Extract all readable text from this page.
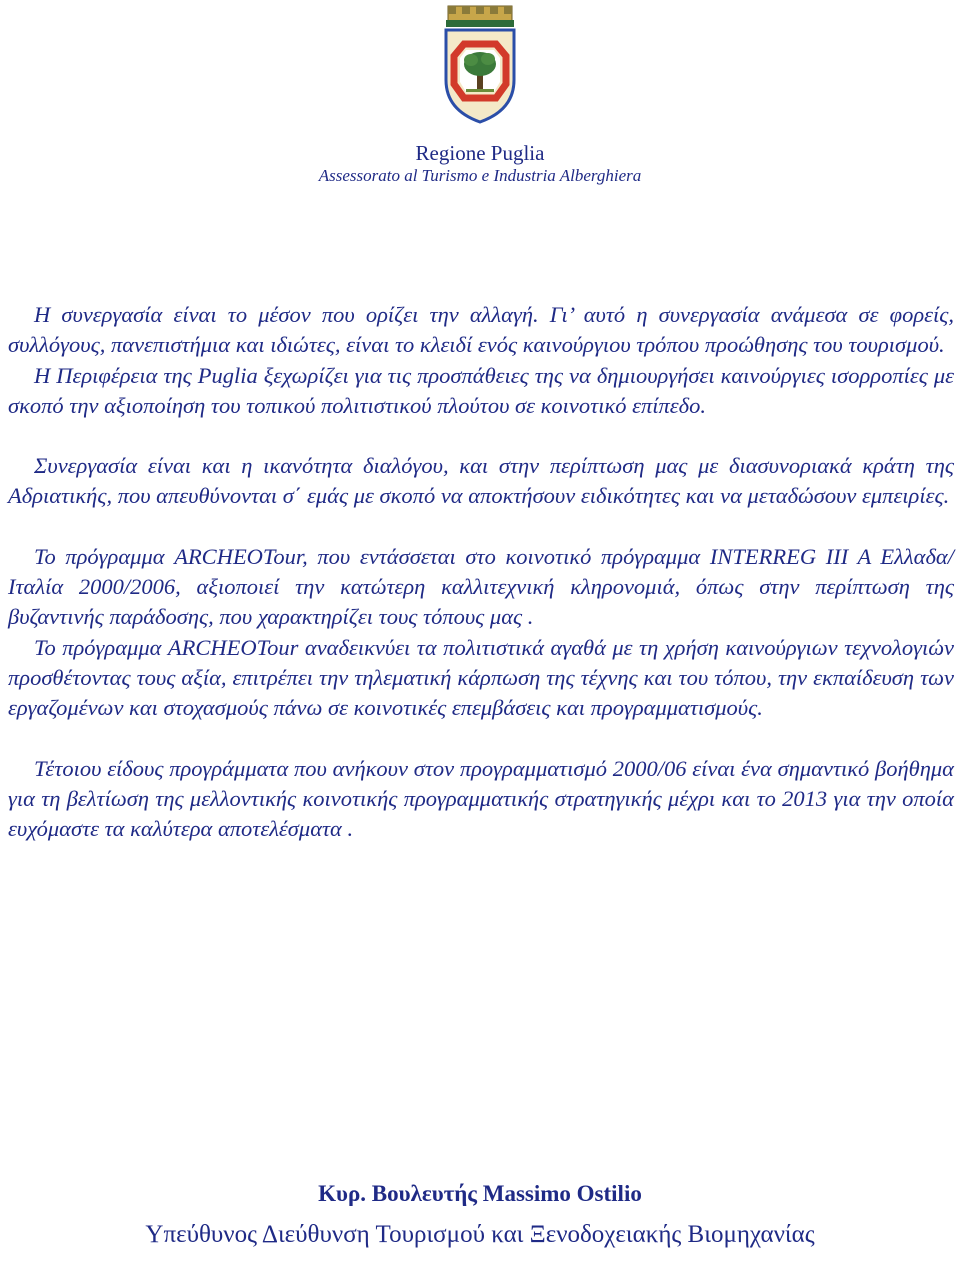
Regione Puglia
Assessorato al Turismo e Industria Alberghiera

Η συνεργασία είναι το μέσον που ορίζει την αλλαγή. Γι’ αυτό η συνεργασία ανάμεσα σε φορείς, συλλόγους, πανεπιστήμια και ιδιώτες, είναι το κλειδί ενός καινούργιου τρόπου προώθησης του τουρισμού.

Η Περιφέρεια της Puglia ξεχωρίζει για τις προσπάθειες της να δημιουργήσει καινούργιες ισορροπίες με σκοπό την αξιοποίηση του τοπικού πολιτιστικού πλούτου σε κοινοτικό επίπεδο.

Συνεργασία είναι και η ικανότητα διαλόγου, και στην περίπτωση μας με διασυνοριακά κράτη της Αδριατικής, που απευθύνονται σ΄ εμάς με σκοπό να αποκτήσουν ειδικότητες και να μεταδώσουν εμπειρίες.

Το πρόγραμμα ARCHEOTour, που εντάσσεται στο κοινοτικό πρόγραμμα INTERREG III A Ελλαδα/Ιταλία 2000/2006, αξιοποιεί την κατώτερη καλλιτεχνική κληρονομιά, όπως στην περίπτωση της βυζαντινής παράδοσης, που χαρακτηρίζει τους τόπους μας .

Το πρόγραμμα ARCHEOTour αναδεικνύει τα πολιτιστικά αγαθά με τη χρήση καινούργιων τεχνολογιών προσθέτοντας τους αξία, επιτρέπει την τηλεματική κάρπωση της τέχνης και του τόπου, την εκπαίδευση των εργαζομένων και στοχασμούς πάνω σε κοινοτικές επεμβάσεις και προγραμματισμούς.

Τέτοιου είδους προγράμματα που ανήκουν στον προγραμματισμό 2000/06 είναι ένα σημαντικό βοήθημα για τη βελτίωση της μελλοντικής κοινοτικής προγραμματικής στρατηγικής μέχρι και το 2013 για την οποία ευχόμαστε τα καλύτερα αποτελέσματα .

Κυρ. Βουλευτής Massimo Ostilio
Υπεύθυνος Διεύθυνση Τουρισμού και Ξενοδοχειακής Βιομηχανίας
